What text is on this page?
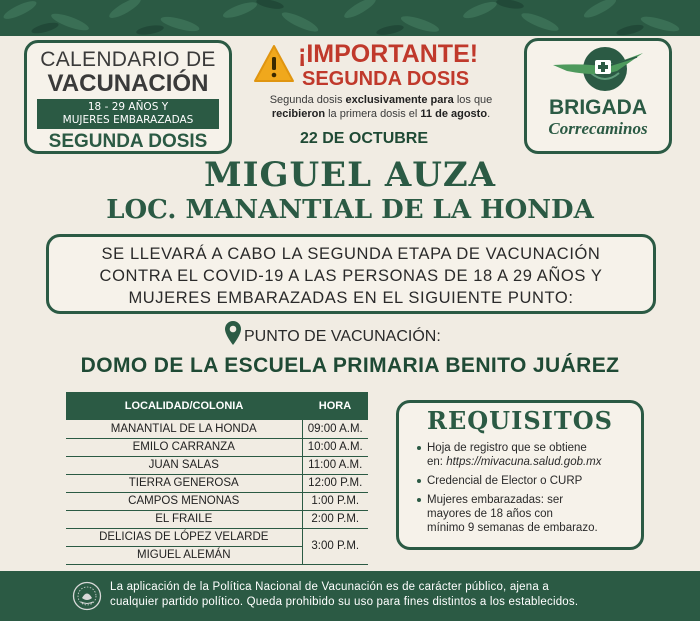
CALENDARIO DE
VACUNACIÓN
18 - 29 AÑOS Y
MUJERES EMBARAZADAS
SEGUNDA DOSIS
¡IMPORTANTE!
SEGUNDA DOSIS
Segunda dosis exclusivamente para los que
recibieron la primera dosis el 11 de agosto.
22 DE OCTUBRE
BRIGADA
Correcaminos
MIGUEL AUZA
LOC. MANANTIAL DE LA HONDA
SE LLEVARÁ A CABO LA SEGUNDA ETAPA DE VACUNACIÓN
CONTRA EL COVID-19 A LAS PERSONAS DE 18 A 29 AÑOS Y
MUJERES EMBARAZADAS EN EL SIGUIENTE PUNTO:
PUNTO DE VACUNACIÓN:
DOMO DE LA ESCUELA PRIMARIA BENITO JUÁREZ
LOCALIDAD/COLONIA	HORA
MANANTIAL DE LA HONDA	09:00 A.M.
EMILO CARRANZA	10:00 A.M.
JUAN SALAS	11:00 A.M.
TIERRA GENEROSA	12:00 P.M.
CAMPOS MENONAS	1:00 P.M.
EL FRAILE	2:00 P.M.
DELICIAS DE LÓPEZ VELARDE	3:00 P.M.
MIGUEL ALEMÁN	
REQUISITOS
Hoja de registro que se obtiene
en: https://mivacuna.salud.gob.mx
Credencial de Elector o CURP
Mujeres embarazadas: ser
mayores de 18 años con
mínimo 9 semanas de embarazo.
La aplicación de la Política Nacional de Vacunación es de carácter público, ajena a
cualquier partido político. Queda prohibido su uso para fines distintos a los establecidos.
